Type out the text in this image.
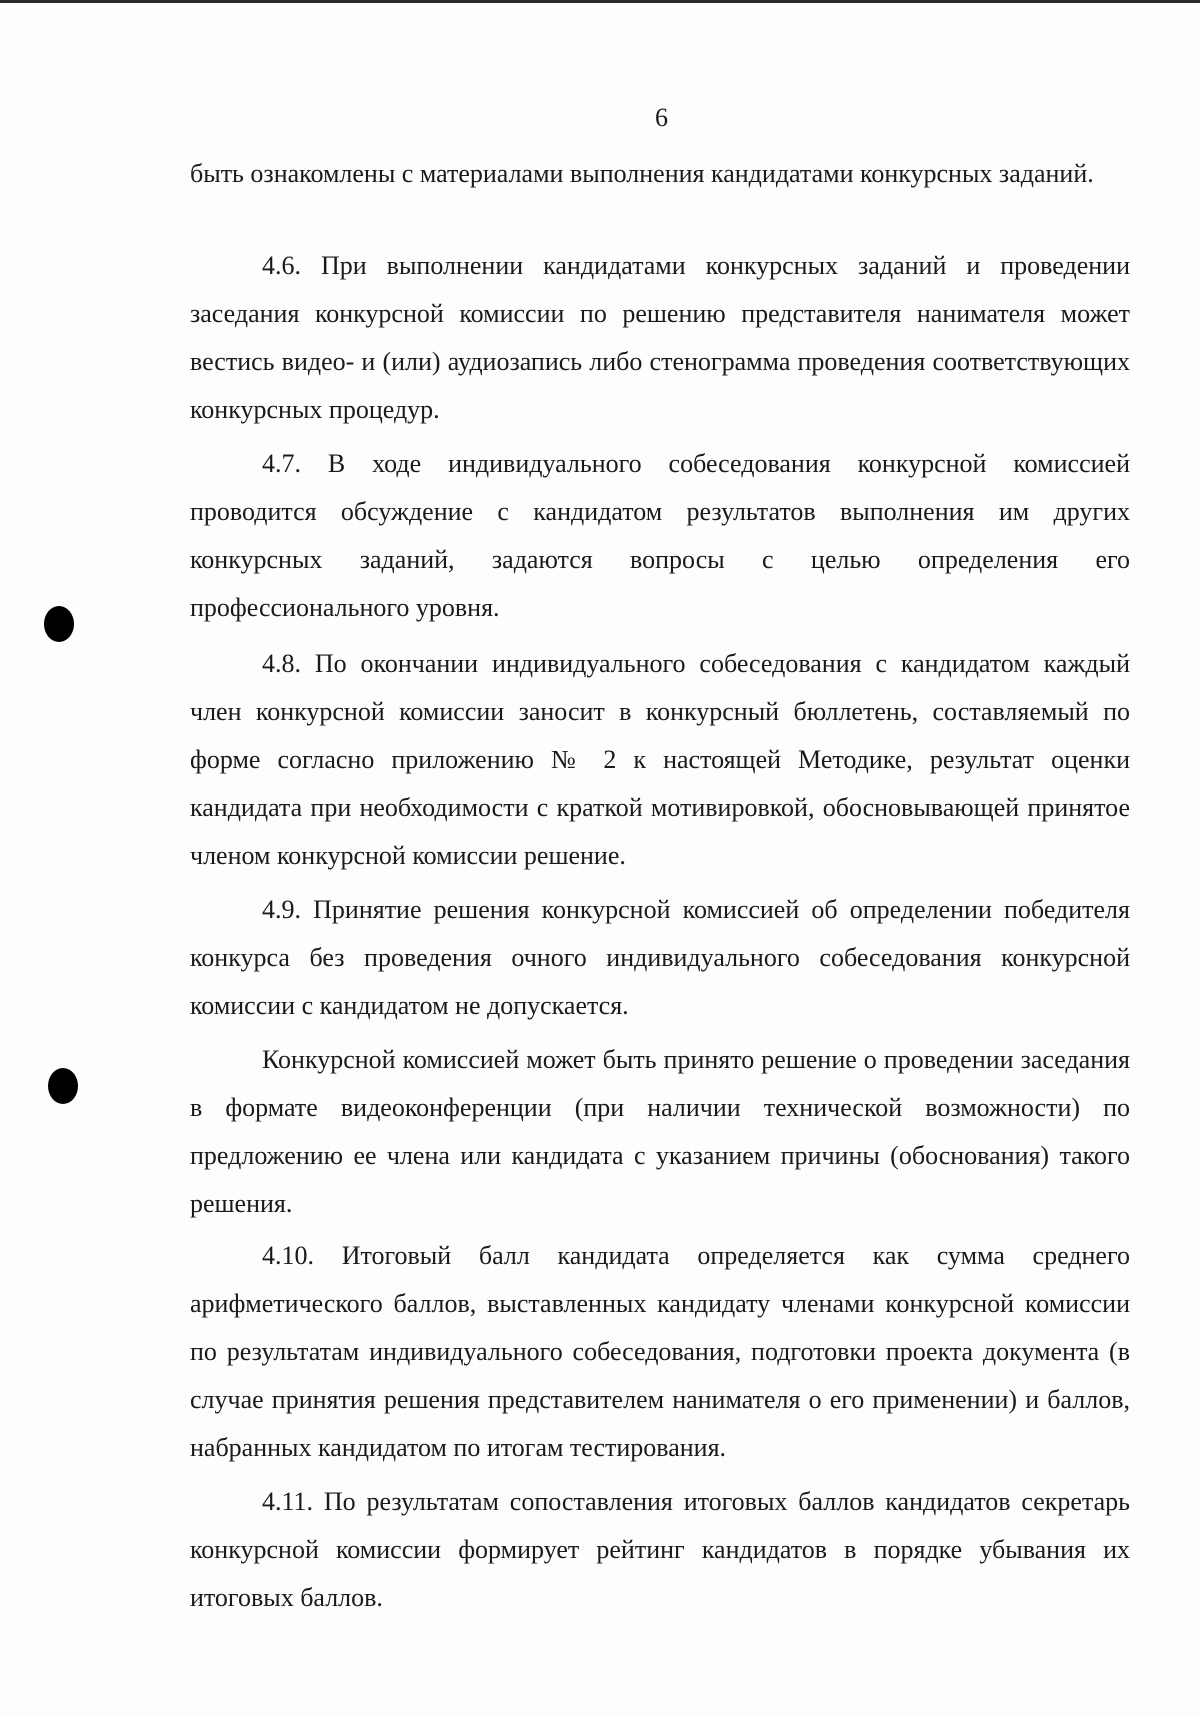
6

быть ознакомлены с материалами выполнения кандидатами конкурсных заданий.

4.6. При выполнении кандидатами конкурсных заданий и проведении заседания конкурсной комиссии по решению представителя нанимателя может вестись видео- и (или) аудиозапись либо стенограмма проведения соответствующих конкурсных процедур.

4.7. В ходе индивидуального собеседования конкурсной комиссией проводится обсуждение с кандидатом результатов выполнения им других конкурсных заданий, задаются вопросы с целью определения его профессионального уровня.

4.8. По окончании индивидуального собеседования с кандидатом каждый член конкурсной комиссии заносит в конкурсный бюллетень, составляемый по форме согласно приложению № 2 к настоящей Методике, результат оценки кандидата при необходимости с краткой мотивировкой, обосновывающей принятое членом конкурсной комиссии решение.

4.9. Принятие решения конкурсной комиссией об определении победителя конкурса без проведения очного индивидуального собеседования конкурсной комиссии с кандидатом не допускается.

Конкурсной комиссией может быть принято решение о проведении заседания в формате видеоконференции (при наличии технической возможности) по предложению ее члена или кандидата с указанием причины (обоснования) такого решения.

4.10. Итоговый балл кандидата определяется как сумма среднего арифметического баллов, выставленных кандидату членами конкурсной комиссии по результатам индивидуального собеседования, подготовки проекта документа (в случае принятия решения представителем нанимателя о его применении) и баллов, набранных кандидатом по итогам тестирования.

4.11. По результатам сопоставления итоговых баллов кандидатов секретарь конкурсной комиссии формирует рейтинг кандидатов в порядке убывания их итоговых баллов.
